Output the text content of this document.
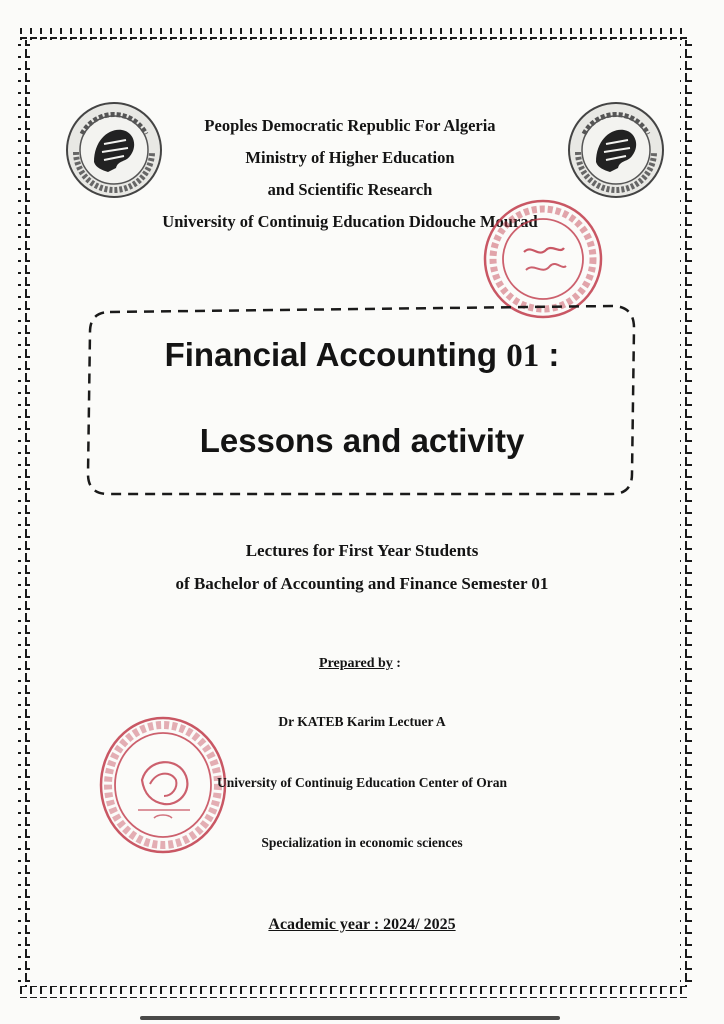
Peoples Democratic Republic For Algeria
Ministry of Higher Education
and Scientific Research
University of Continuig Education Didouche Mourad
Financial Accounting 01 :
Lessons and activity
Lectures for First Year Students
of Bachelor of Accounting and Finance Semester 01
Prepared by :
Dr KATEB Karim Lectuer A
University of Continuig Education Center of Oran
Specialization in economic sciences
Academic year : 2024/ 2025
